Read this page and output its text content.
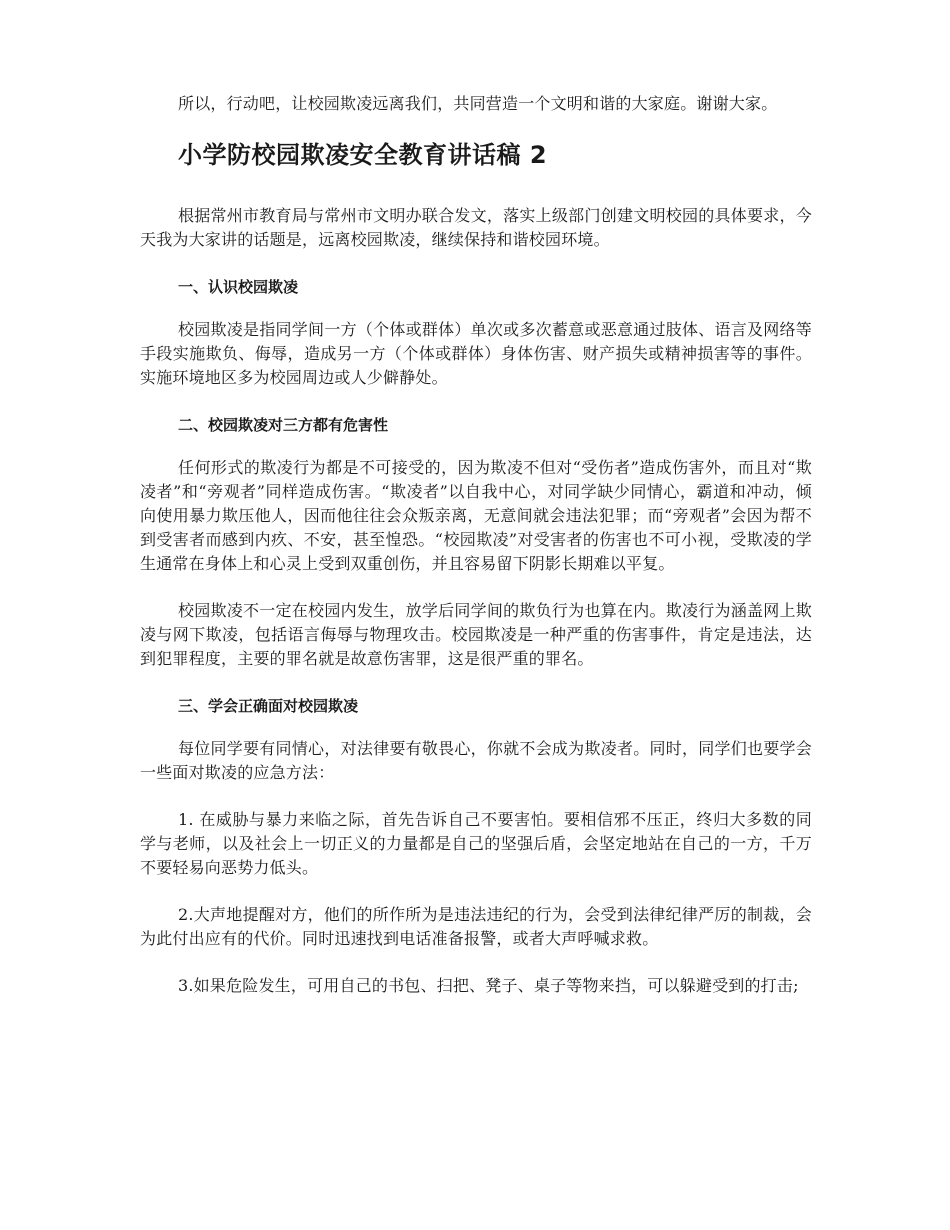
所以，行动吧，让校园欺凌远离我们，共同营造一个文明和谐的大家庭。谢谢大家。

小学防校园欺凌安全教育讲话稿 2

根据常州市教育局与常州市文明办联合发文，落实上级部门创建文明校园的具体要求，今天我为大家讲的话题是，远离校园欺凌，继续保持和谐校园环境。

一、认识校园欺凌

校园欺凌是指同学间一方（个体或群体）单次或多次蓄意或恶意通过肢体、语言及网络等手段实施欺负、侮辱，造成另一方（个体或群体）身体伤害、财产损失或精神损害等的事件。 实施环境地区多为校园周边或人少僻静处。

二、校园欺凌对三方都有危害性

任何形式的欺凌行为都是不可接受的，因为欺凌不但对“受伤者”造成伤害外，而且对“欺凌者”和“旁观者”同样造成伤害。“欺凌者”以自我中心，对同学缺少同情心，霸道和冲动，倾向使用暴力欺压他人，因而他往往会众叛亲离，无意间就会违法犯罪；而“旁观者”会因为帮不到受害者而感到内疚、不安，甚至惶恐。“校园欺凌”对受害者的伤害也不可小视，受欺凌的学生通常在身体上和心灵上受到双重创伤，并且容易留下阴影长期难以平复。

校园欺凌不一定在校园内发生，放学后同学间的欺负行为也算在内。欺凌行为涵盖网上欺凌与网下欺凌，包括语言侮辱与物理攻击。校园欺凌是一种严重的伤害事件，肯定是违法，达到犯罪程度，主要的罪名就是故意伤害罪，这是很严重的罪名。

三、学会正确面对校园欺凌

每位同学要有同情心，对法律要有敬畏心，你就不会成为欺凌者。同时，同学们也要学会一些面对欺凌的应急方法：

1. 在威胁与暴力来临之际，首先告诉自己不要害怕。要相信邪不压正，终归大多数的同学与老师，以及社会上一切正义的力量都是自己的坚强后盾，会坚定地站在自己的一方，千万不要轻易向恶势力低头。

2.大声地提醒对方，他们的所作所为是违法违纪的行为，会受到法律纪律严厉的制裁，会为此付出应有的代价。同时迅速找到电话准备报警，或者大声呼喊求救。

3.如果危险发生，可用自己的书包、扫把、凳子、桌子等物来挡，可以躲避受到的打击;
